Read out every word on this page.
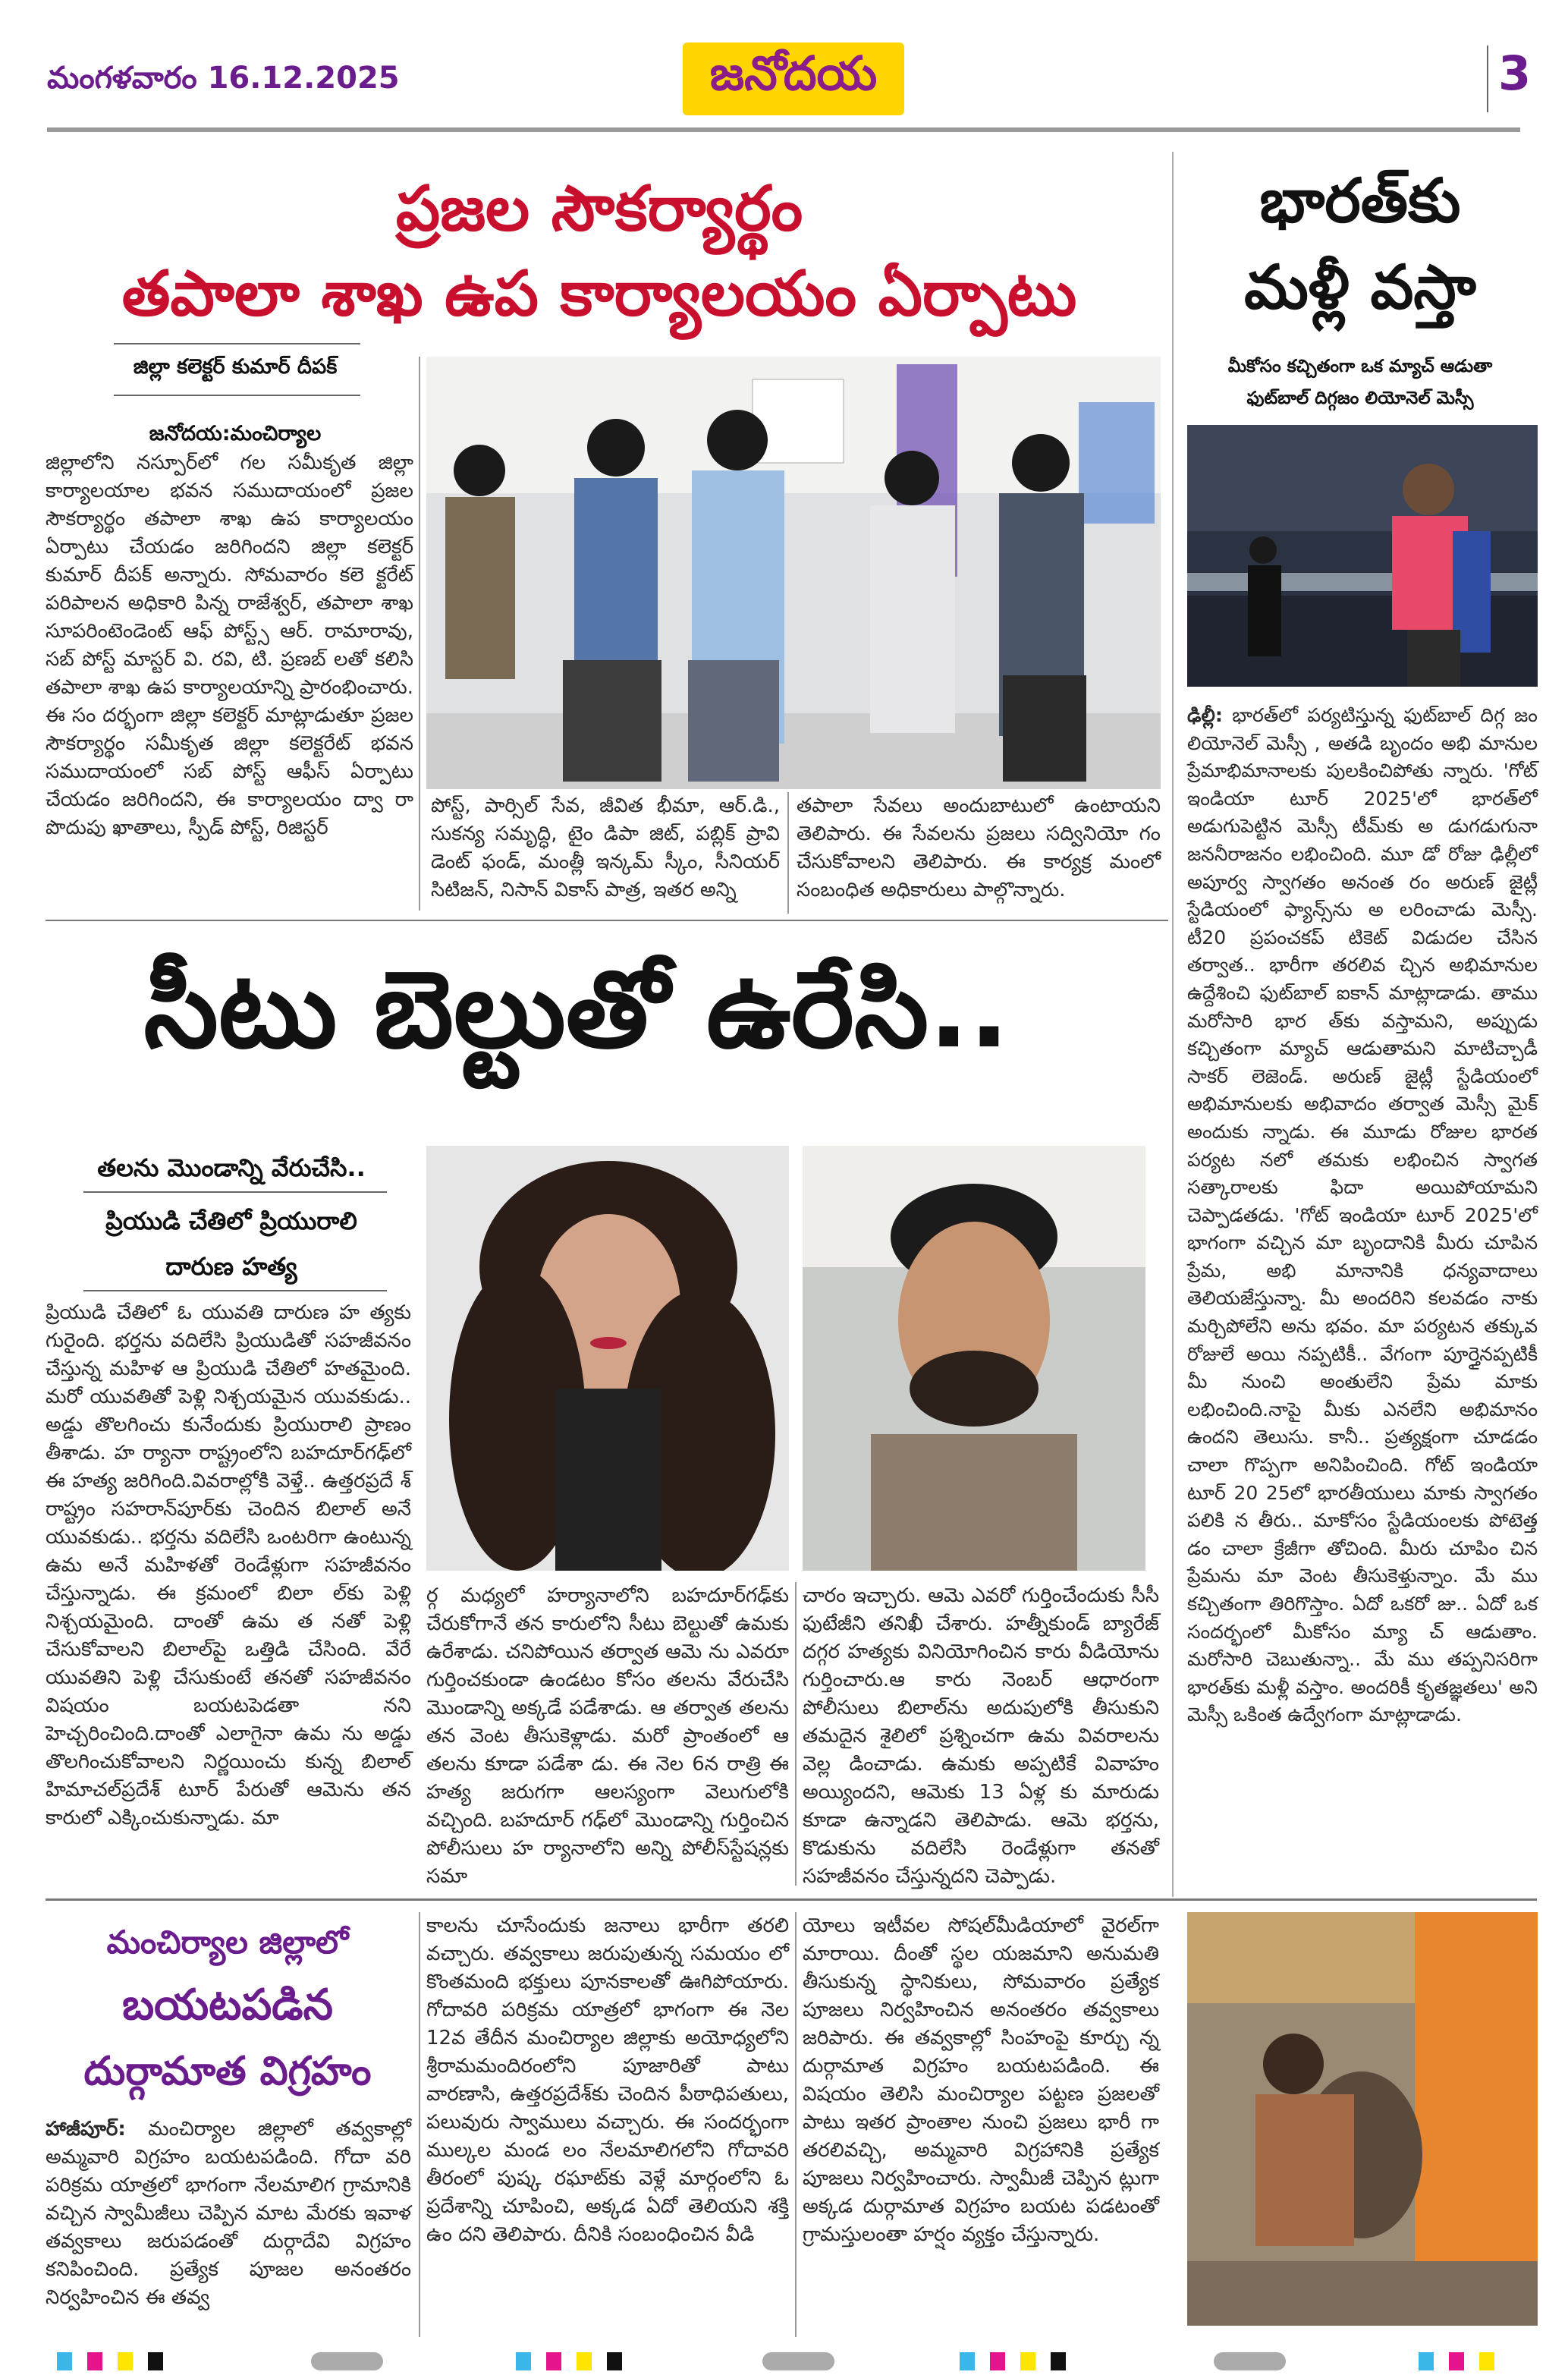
మంగళవారం 16.12.2025	జనోదయ	3
ప్రజల సౌకర్యార్థం
తపాలా శాఖ ఉప కార్యాలయం ఏర్పాటు
జిల్లా కలెక్టర్ కుమార్ దీపక్
జనోదయ:మంచిర్యాల

జిల్లాలోని నస్పూర్‌లో గల సమీకృత జిల్లా కార్యాలయాల భవన సముదాయంలో ప్రజల సౌకర్యార్థం తపాలా శాఖ ఉప కార్యాలయం ఏర్పాటు చేయడం జరిగిందని జిల్లా కలెక్టర్ కుమార్ దీపక్ అన్నారు. సోమవారం కలె క్టరేట్ పరిపాలన అధికారి పిన్న రాజేశ్వర్, తపాలా శాఖ సూపరింటెండెంట్ ఆఫ్ పోస్ట్స్ ఆర్. రామారావు, సబ్ పోస్ట్ మాస్టర్ వి. రవి, టి. ప్రణబ్ లతో కలిసి తపాలా శాఖ ఉప కార్యాలయాన్ని ప్రారంభించారు. ఈ సం దర్భంగా జిల్లా కలెక్టర్ మాట్లాడుతూ ప్రజల సౌకర్యార్థం సమీకృత జిల్లా కలెక్టరేట్ భవన సముదాయంలో సబ్ పోస్ట్ ఆఫీస్ ఏర్పాటు చేయడం జరిగిందని, ఈ కార్యాలయం ద్వా రా పొదుపు ఖాతాలు, స్పీడ్ పోస్ట్, రిజిస్టర్

పోస్ట్, పార్సిల్ సేవ, జీవిత భీమా, ఆర్.డి., సుకన్య సమృద్ధి, టైం డిపా జిట్, పబ్లిక్ ప్రావి డెంట్ ఫండ్, మంత్లీ ఇన్కమ్ స్కీం, సీనియర్ సిటిజన్, నిసాన్ వికాస్ పాత్ర, ఇతర అన్ని

తపాలా సేవలు అందుబాటులో ఉంటాయని తెలిపారు. ఈ సేవలను ప్రజలు సద్వినియో గం చేసుకోవాలని తెలిపారు. ఈ కార్యక్ర మంలో సంబంధిత అధికారులు పాల్గొన్నారు.

భారత్‌కు
మళ్లీ వస్తా
మీకోసం కచ్చితంగా ఒక మ్యాచ్ ఆడుతా
ఫుట్‌బాల్ దిగ్గజం లియోనెల్ మెస్సీ

ఢిల్లీ: భారత్‌లో పర్యటిస్తున్న ఫుట్‌బాల్ దిగ్గ జం లియోనెల్ మెస్సీ , అతడి బృందం అభి మానుల ప్రేమాభిమానాలకు పులకించిపోతు న్నారు. 'గోట్ ఇండియా టూర్ 2025'లో భారత్‌లో అడుగుపెట్టిన మెస్సీ టీమ్‌కు అ డుగడుగునా జననీరాజనం లభించింది. మూ డో రోజు ఢిల్లీలో అపూర్వ స్వాగతం అనంత రం అరుణ్ జైట్లీ స్టేడియంలో ఫ్యాన్స్‌ను అ లరించాడు మెస్సీ. టీ20 ప్రపంచకప్ టికెట్ విడుదల చేసిన తర్వాత.. భారీగా తరలివ చ్చిన అభిమానుల ఉద్దేశించి ఫుట్‌బాల్ ఐకాన్ మాట్లాడాడు. తాము మరోసారి భార త్‌కు వస్తామని, అప్పుడు కచ్చితంగా మ్యాచ్ ఆడుతామని మాటిచ్చాడీ సాకర్ లెజెండ్. అరుణ్ జైట్లీ స్టేడియంలో అభిమానులకు అభివాదం తర్వాత మెస్సీ మైక్ అందుకు న్నాడు. ఈ మూడు రోజుల భారత పర్యట నలో తమకు లభించిన స్వాగత సత్కారాలకు ఫిదా అయిపోయామని చెప్పాడతడు. 'గోట్ ఇండియా టూర్ 2025'లో భాగంగా వచ్చిన మా బృందానికి మీరు చూపిన ప్రేమ, అభి మానానికి ధన్యవాదాలు తెలియజేస్తున్నా. మీ అందరిని కలవడం నాకు మర్చిపోలేని అను భవం. మా పర్యటన తక్కువ రోజులే అయి నప్పటికీ.. వేగంగా పూర్తైనప్పటికీ మీ నుంచి అంతులేని ప్రేమ మాకు లభించింది.నాపై మీకు ఎనలేని అభిమానం ఉందని తెలుసు. కానీ.. ప్రత్యక్షంగా చూడడం చాలా గొప్పగా అనిపించింది. గోట్ ఇండియా టూర్ 20 25లో భారతీయులు మాకు స్వాగతం పలికి న తీరు.. మాకోసం స్టేడియంలకు పోటెత్త డం చాలా క్రేజీగా తోచింది. మీరు చూపిం చిన ప్రేమను మా వెంట తీసుకెళ్తున్నాం. మే ము కచ్చితంగా తిరిగొస్తాం. ఏదో ఒకరో జు.. ఏదో ఒక సందర్భంలో మీకోసం మ్యా చ్ ఆడుతాం. మరోసారి చెబుతున్నా.. మే ము తప్పనిసరిగా భారత్‌కు మళ్లీ వస్తాం. అందరికీ కృతజ్ఞతలు' అని మెస్సీ ఒకింత ఉద్వేగంగా మాట్లాడాడు.

సీటు బెల్టుతో ఉరేసి..
తలను మొండాన్ని వేరుచేసి..
ప్రియుడి చేతిలో ప్రియురాలి
దారుణ హత్య

ప్రియుడి చేతిలో ఓ యువతి దారుణ హ త్యకు గురైంది. భర్తను వదిలేసి ప్రియుడితో సహజీవనం చేస్తున్న మహిళ ఆ ప్రియుడి చేతిలో హతమైంది. మరో యువతితో పెళ్లి నిశ్చయమైన యువకుడు.. అడ్డు తొలగించు కునేందుకు ప్రియురాలి ప్రాణం తీశాడు. హ ర్యానా రాష్ట్రంలోని బహదూర్‌గఢ్‌లో ఈ హత్య జరిగింది.వివరాల్లోకి వెళ్తే.. ఉత్తరప్రదే శ్ రాష్ట్రం సహరాన్‌పూర్‌కు చెందిన బిలాల్ అనే యువకుడు.. భర్తను వదిలేసి ఒంటరిగా ఉంటున్న ఉమ అనే మహిళతో రెండేళ్లుగా సహజీవనం చేస్తున్నాడు. ఈ క్రమంలో బిలా ల్‌కు పెళ్లి నిశ్చయమైంది. దాంతో ఉమ త నతో పెళ్లి చేసుకోవాలని బిలాల్‌పై ఒత్తిడి చేసింది. వేరే యువతిని పెళ్లి చేసుకుంటే తనతో సహజీవనం విషయం బయటపెడతా నని హెచ్చరించింది.దాంతో ఎలాగైనా ఉమ ను అడ్డు తొలగించుకోవాలని నిర్ణయించు కున్న బిలాల్ హిమాచల్‌ప్రదేశ్ టూర్ పేరుతో ఆమెను తన కారులో ఎక్కించుకున్నాడు. మా

ర్గ మధ్యలో హర్యానాలోని బహదూర్‌గఢ్‌కు చేరుకోగానే తన కారులోని సీటు బెల్టుతో ఉమకు ఉరేశాడు. చనిపోయిన తర్వాత ఆమె ను ఎవరూ గుర్తించకుండా ఉండటం కోసం తలను వేరుచేసి మొండాన్ని అక్కడే పడేశాడు. ఆ తర్వాత తలను తన వెంట తీసుకెళ్లాడు. మరో ప్రాంతంలో ఆ తలను కూడా పడేశా డు. ఈ నెల 6న రాత్రి ఈ హత్య జరుగగా ఆలస్యంగా వెలుగులోకి వచ్చింది. బహదూర్ గఢ్‌లో మొండాన్ని గుర్తించిన పోలీసులు హ ర్యానాలోని అన్ని పోలీస్‌స్టేషన్లకు సమా

చారం ఇచ్చారు. ఆమె ఎవరో గుర్తించేందుకు సీసీ ఫుటేజీని తనిఖీ చేశారు. హత్నీకుండ్ బ్యారేజ్ దగ్గర హత్యకు వినియోగించిన కారు వీడియోను గుర్తించారు.ఆ కారు నెంబర్ ఆధారంగా పోలీసులు బిలాల్‌ను అదుపులోకి తీసుకుని తమదైన శైలిలో ప్రశ్నించగా ఉమ వివరాలను వెల్ల డించాడు. ఉమకు అప్పటికే వివాహం అయ్యిందని, ఆమెకు 13 ఏళ్ల కు మారుడు కూడా ఉన్నాడని తెలిపాడు. ఆమె భర్తను, కొడుకును వదిలేసి రెండేళ్లుగా తనతో సహజీవనం చేస్తున్నదని చెప్పాడు.

మంచిర్యాల జిల్లాలో
బయటపడిన
దుర్గామాత విగ్రహం

హాజీపూర్: మంచిర్యాల జిల్లాలో తవ్వకాల్లో అమ్మవారి విగ్రహం బయటపడింది. గోదా వరి పరిక్రమ యాత్రలో భాగంగా నేలమాలిగ గ్రామానికి వచ్చిన స్వామీజీలు చెప్పిన మాట మేరకు ఇవాళ తవ్వకాలు జరుపడంతో దుర్గాదేవి విగ్రహం కనిపించింది. ప్రత్యేక పూజల అనంతరం నిర్వహించిన ఈ తవ్వ

కాలను చూసేందుకు జనాలు భారీగా తరలి వచ్చారు. తవ్వకాలు జరుపుతున్న సమయం లో కొంతమంది భక్తులు పూనకాలతో ఊగిపోయారు. గోదావరి పరిక్రమ యాత్రలో భాగంగా ఈ నెల 12వ తేదీన మంచిర్యాల జిల్లాకు అయోధ్యలోని శ్రీరామమందిరంలోని పూజారితో పాటు వారణాసి, ఉత్తరప్రదేశ్‌కు చెందిన పీఠాధిపతులు, పలువురు స్వాములు వచ్చారు. ఈ సందర్భంగా ముల్కల మండ లం నేలమాలిగలోని గోదావరి తీరంలో పుష్క రఘాట్‌కు వెళ్లే మార్గంలోని ఓ ప్రదేశాన్ని చూపించి, అక్కడ ఏదో తెలియని శక్తి ఉం దని తెలిపారు. దీనికి సంబంధించిన వీడి

యోలు ఇటీవల సోషల్‌మీడియాలో వైరల్‌గా మారాయి. దీంతో స్థల యజమాని అనుమతి తీసుకున్న స్థానికులు, సోమవారం ప్రత్యేక పూజలు నిర్వహించిన అనంతరం తవ్వకాలు జరిపారు. ఈ తవ్వకాల్లో సింహంపై కూర్చు న్న దుర్గామాత విగ్రహం బయటపడింది. ఈ విషయం తెలిసి మంచిర్యాల పట్టణ ప్రజలతో పాటు ఇతర ప్రాంతాల నుంచి ప్రజలు భారీ గా తరలివచ్చి, అమ్మవారి విగ్రహానికి ప్రత్యేక పూజలు నిర్వహించారు. స్వామీజీ చెప్పిన ట్లుగా అక్కడ దుర్గామాత విగ్రహం బయట పడటంతో గ్రామస్తులంతా హర్షం వ్యక్తం చేస్తున్నారు.
